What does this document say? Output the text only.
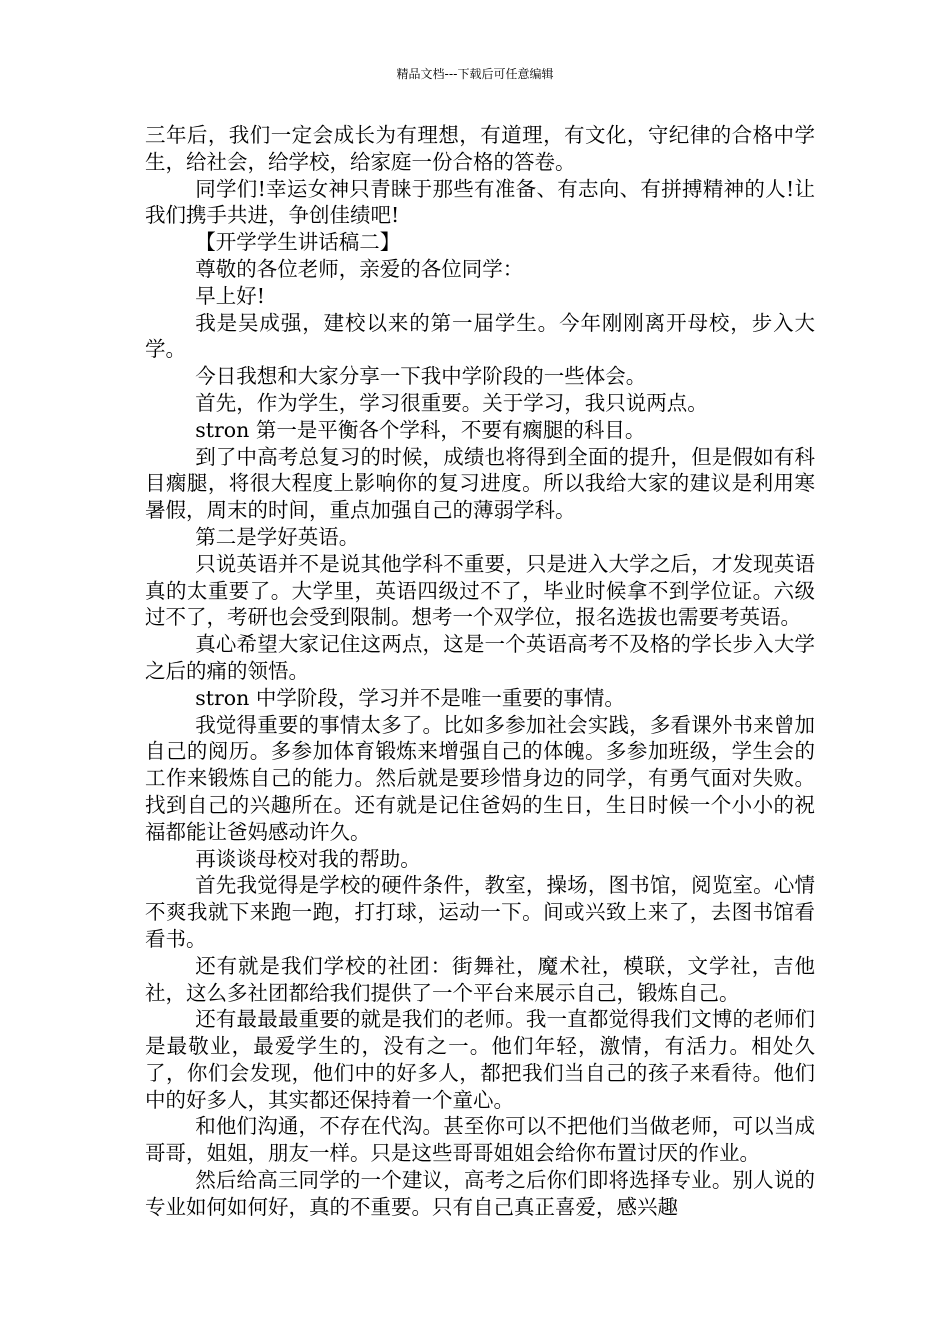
精品文档---下载后可任意编辑

三年后，我们一定会成长为有理想，有道理，有文化，守纪律的合格中学生，给社会，给学校，给家庭一份合格的答卷。

同学们!幸运女神只青睐于那些有准备、有志向、有拼搏精神的人!让我们携手共进，争创佳绩吧!

【开学学生讲话稿二】

尊敬的各位老师，亲爱的各位同学：

早上好!

我是吴成强，建校以来的第一届学生。今年刚刚离开母校，步入大学。

今日我想和大家分享一下我中学阶段的一些体会。

首先，作为学生，学习很重要。关于学习，我只说两点。

stron 第一是平衡各个学科，不要有瘸腿的科目。

到了中高考总复习的时候，成绩也将得到全面的提升，但是假如有科目瘸腿，将很大程度上影响你的复习进度。所以我给大家的建议是利用寒暑假，周末的时间，重点加强自己的薄弱学科。

第二是学好英语。

只说英语并不是说其他学科不重要，只是进入大学之后，才发现英语真的太重要了。大学里，英语四级过不了，毕业时候拿不到学位证。六级过不了，考研也会受到限制。想考一个双学位，报名选拔也需要考英语。

真心希望大家记住这两点，这是一个英语高考不及格的学长步入大学之后的痛的领悟。

stron 中学阶段，学习并不是唯一重要的事情。

我觉得重要的事情太多了。比如多参加社会实践，多看课外书来曾加自己的阅历。多参加体育锻炼来增强自己的体魄。多参加班级，学生会的工作来锻炼自己的能力。然后就是要珍惜身边的同学，有勇气面对失败。找到自己的兴趣所在。还有就是记住爸妈的生日，生日时候一个小小的祝福都能让爸妈感动许久。

再谈谈母校对我的帮助。

首先我觉得是学校的硬件条件，教室，操场，图书馆，阅览室。心情不爽我就下来跑一跑，打打球，运动一下。间或兴致上来了，去图书馆看看书。

还有就是我们学校的社团：街舞社，魔术社，模联，文学社，吉他社，这么多社团都给我们提供了一个平台来展示自己，锻炼自己。

还有最最最重要的就是我们的老师。我一直都觉得我们文博的老师们是最敬业，最爱学生的，没有之一。他们年轻，激情，有活力。相处久了，你们会发现，他们中的好多人，都把我们当自己的孩子来看待。他们中的好多人，其实都还保持着一个童心。

和他们沟通，不存在代沟。甚至你可以不把他们当做老师，可以当成哥哥，姐姐，朋友一样。只是这些哥哥姐姐会给你布置讨厌的作业。

然后给高三同学的一个建议，高考之后你们即将选择专业。别人说的专业如何如何好，真的不重要。只有自己真正喜爱，感兴趣
